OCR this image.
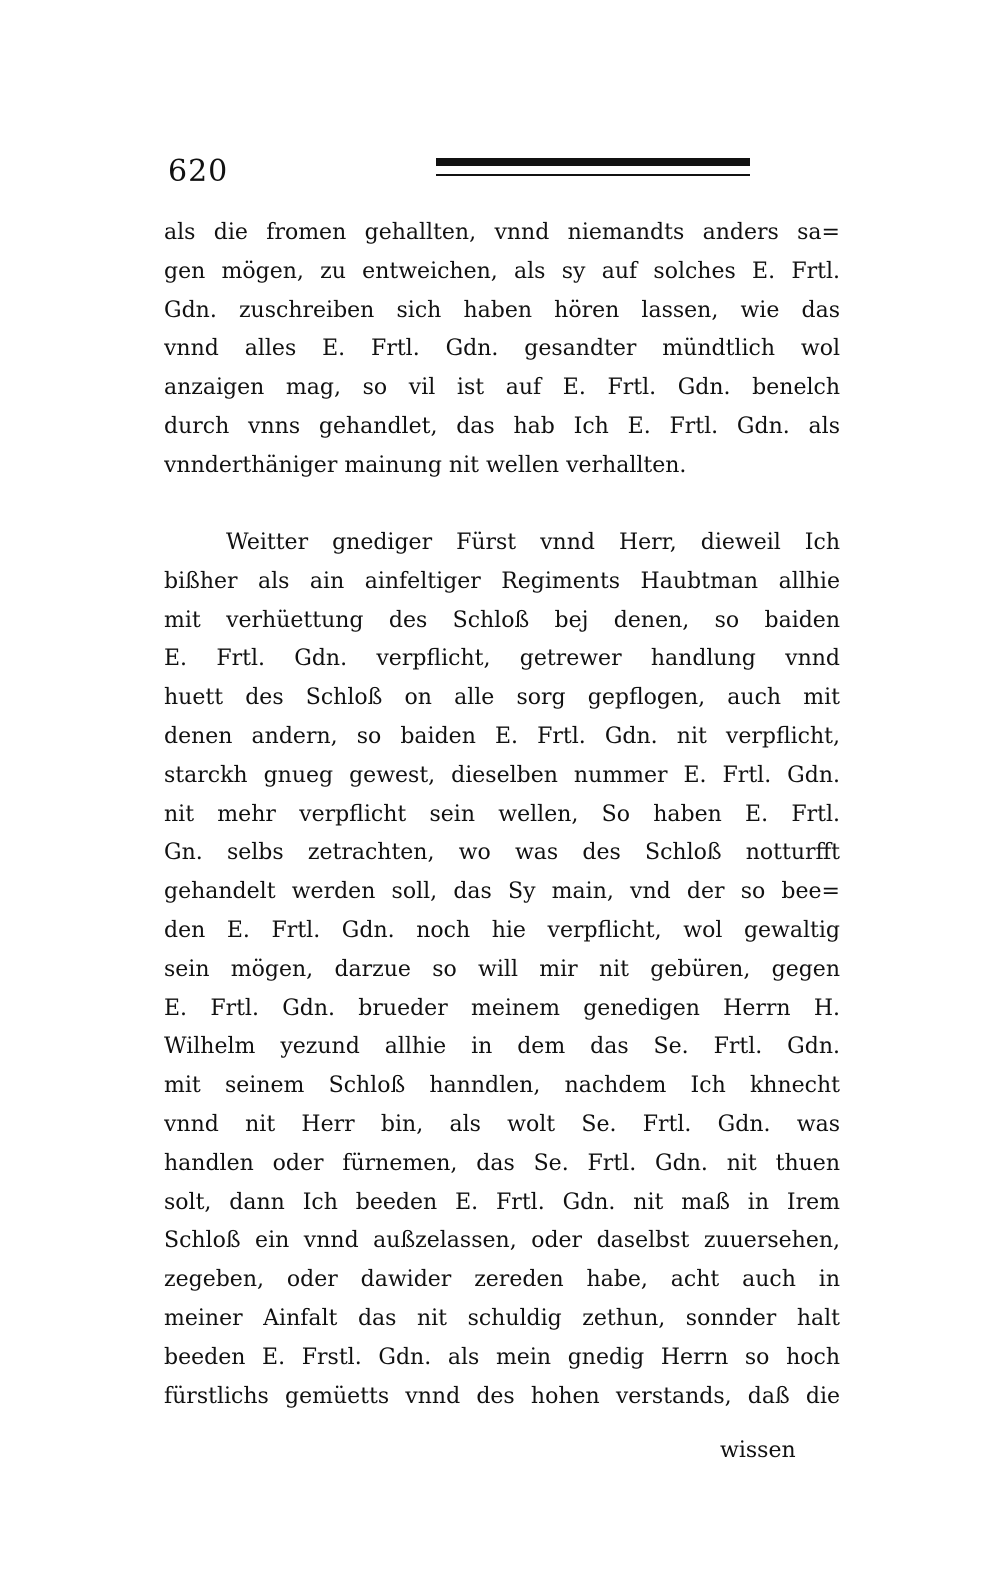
620
als die fromen gehallten, vnnd niemandts anders sa=
gen mögen, zu entweichen, als sy auf solches E. Frtl.
Gdn. zuschreiben sich haben hören lassen, wie das
vnnd alles E. Frtl. Gdn. gesandter mündtlich wol
anzaigen mag, so vil ist auf E. Frtl. Gdn. benelch
durch vnns gehandlet, das hab Ich E. Frtl. Gdn. als
vnnderthäniger mainung nit wellen verhallten.
Weitter gnediger Fürst vnnd Herr, dieweil Ich
bißher als ain ainfeltiger Regiments Haubtman allhie
mit verhüettung des Schloß bej denen, so baiden
E. Frtl. Gdn. verpflicht, getrewer handlung vnnd
huett des Schloß on alle sorg gepflogen, auch mit
denen andern, so baiden E. Frtl. Gdn. nit verpflicht,
starckh gnueg gewest, dieselben nummer E. Frtl. Gdn.
nit mehr verpflicht sein wellen, So haben E. Frtl.
Gn. selbs zetrachten, wo was des Schloß notturfft
gehandelt werden soll, das Sy main, vnd der so bee=
den E. Frtl. Gdn. noch hie verpflicht, wol gewaltig
sein mögen, darzue so will mir nit gebüren, gegen
E. Frtl. Gdn. brueder meinem genedigen Herrn H.
Wilhelm yezund allhie in dem das Se. Frtl. Gdn.
mit seinem Schloß hanndlen, nachdem Ich khnecht
vnnd nit Herr bin, als wolt Se. Frtl. Gdn. was
handlen oder fürnemen, das Se. Frtl. Gdn. nit thuen
solt, dann Ich beeden E. Frtl. Gdn. nit maß in Irem
Schloß ein vnnd außzelassen, oder daselbst zuuersehen,
zegeben, oder dawider zereden habe, acht auch in
meiner Ainfalt das nit schuldig zethun, sonnder halt
beeden E. Frstl. Gdn. als mein gnedig Herrn so hoch
fürstlichs gemüetts vnnd des hohen verstands, daß die
wissen
